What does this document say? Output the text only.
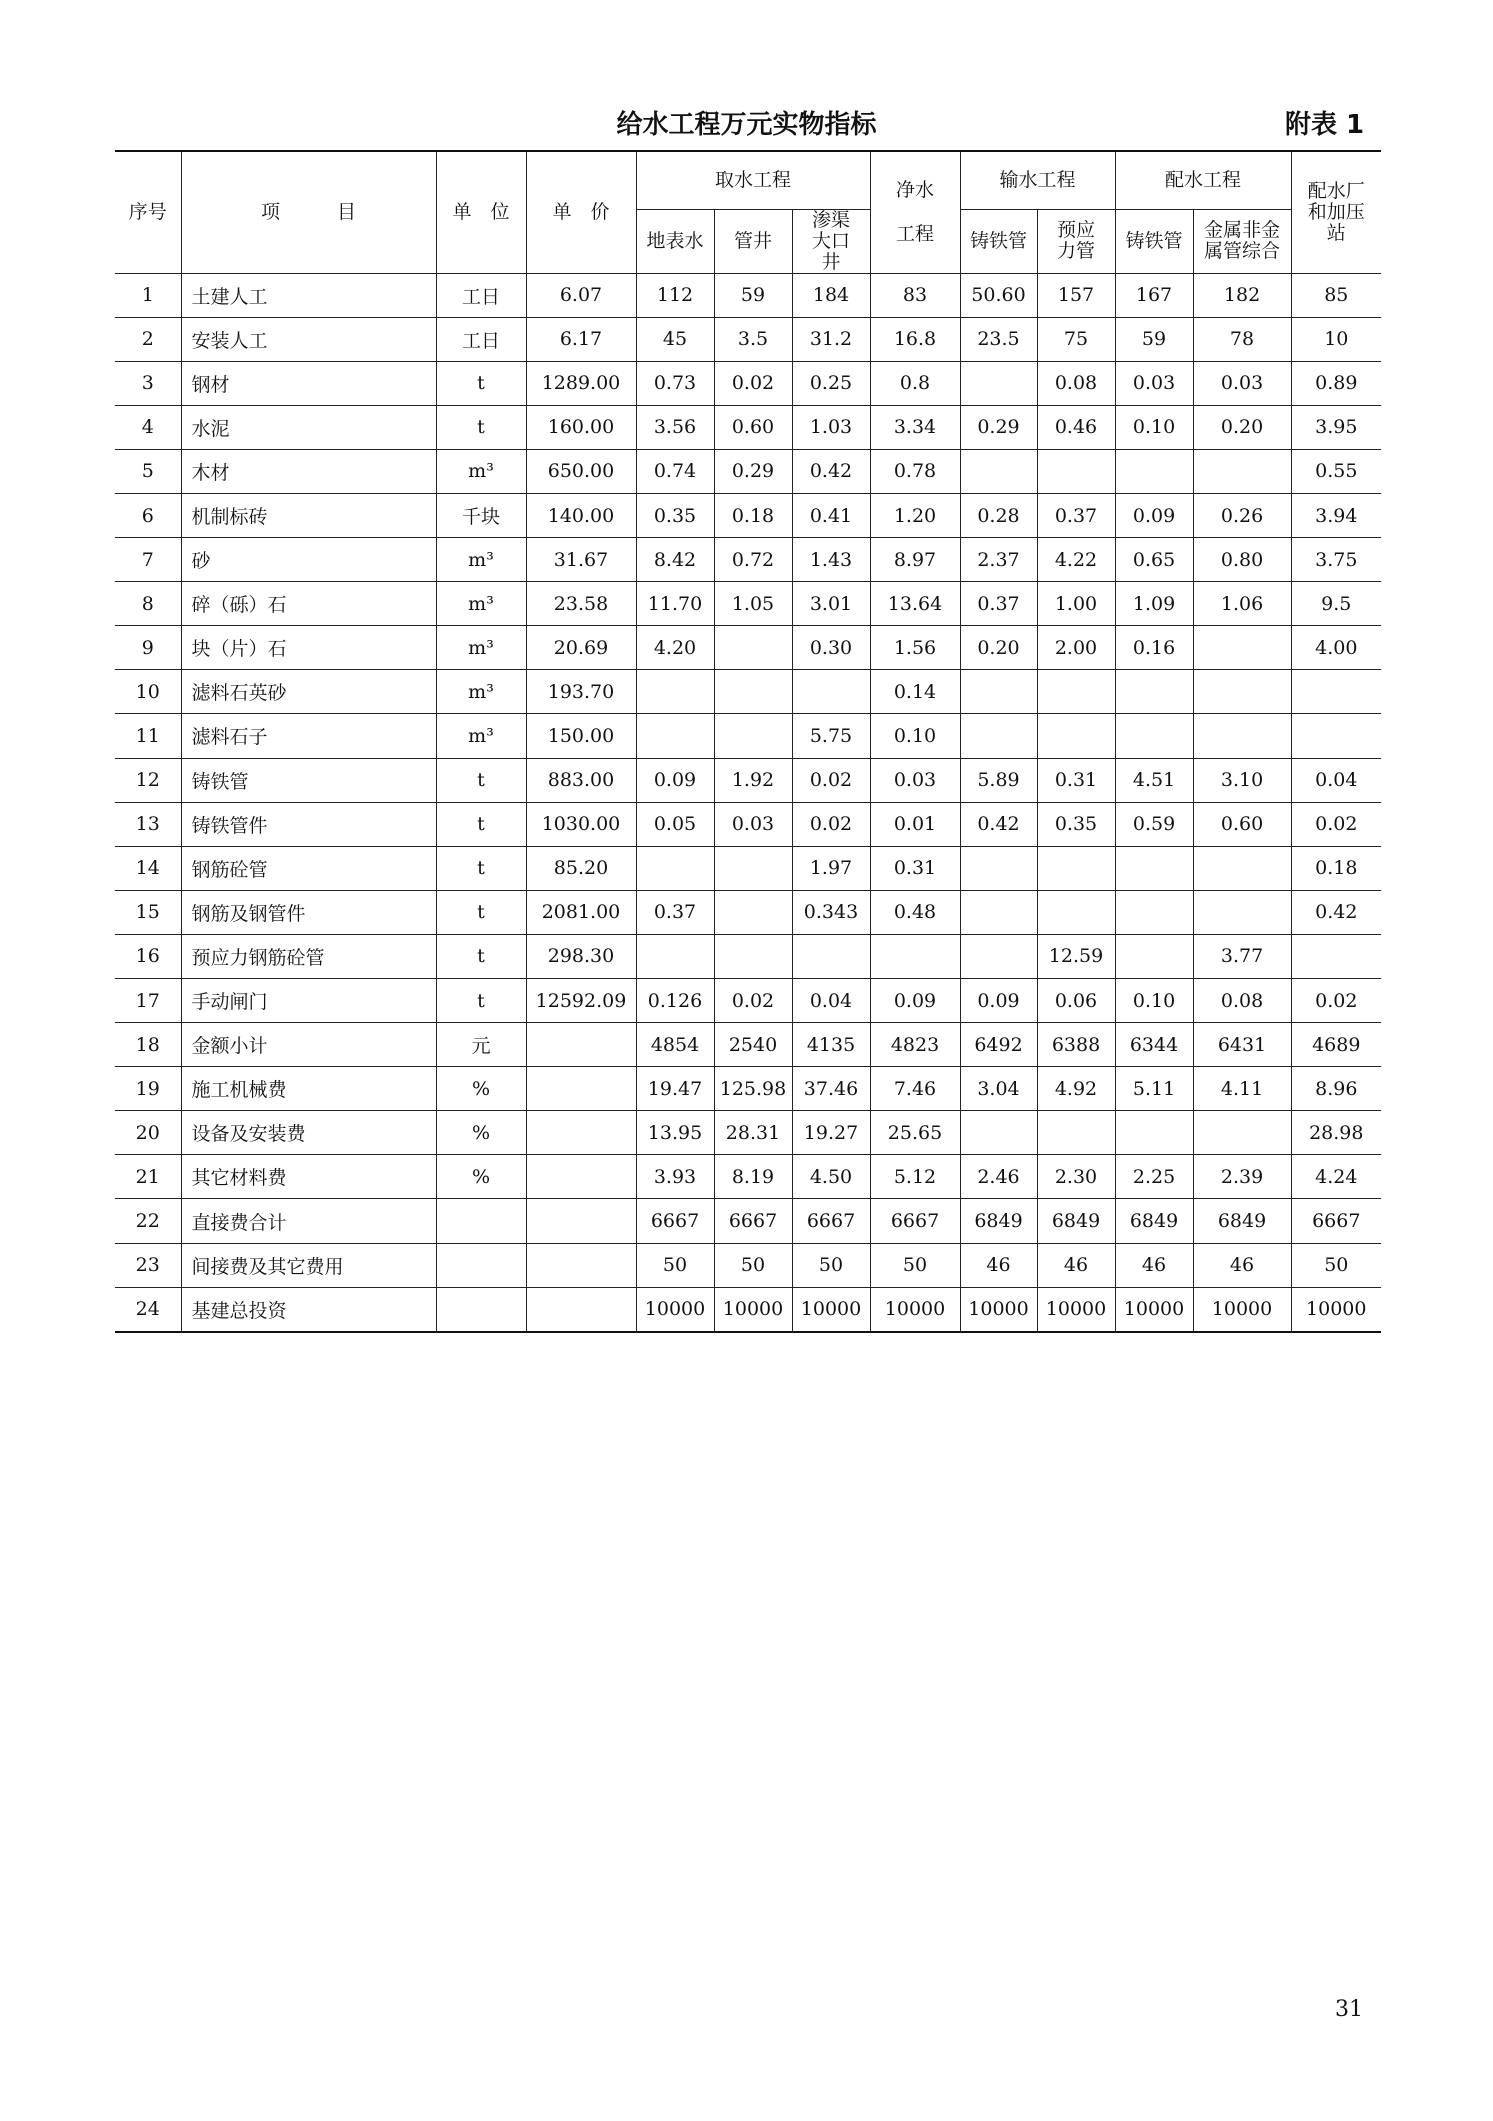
给水工程万元实物指标	附表 1
序号	项　　　目	单　位	单　价	取水工程			净水工程	输水工程		配水工程		配水厂和加压站

				地表水	管井	渗渠大口井		铸铁管	预应力管	铸铁管	金属非金属管综合	

1	土建人工	工日	6.07	112	59	184	83	50.60	157	167	182	85
2	安装人工	工日	6.17	45	3.5	31.2	16.8	23.5	75	59	78	10
3	钢材	t	1289.00	0.73	0.02	0.25	0.8		0.08	0.03	0.03	0.89
4	水泥	t	160.00	3.56	0.60	1.03	3.34	0.29	0.46	0.10	0.20	3.95
5	木材	m³	650.00	0.74	0.29	0.42	0.78					0.55
6	机制标砖	千块	140.00	0.35	0.18	0.41	1.20	0.28	0.37	0.09	0.26	3.94
7	砂	m³	31.67	8.42	0.72	1.43	8.97	2.37	4.22	0.65	0.80	3.75
8	碎（砾）石	m³	23.58	11.70	1.05	3.01	13.64	0.37	1.00	1.09	1.06	9.5
9	块（片）石	m³	20.69	4.20		0.30	1.56	0.20	2.00	0.16		4.00
10	滤料石英砂	m³	193.70				0.14					
11	滤料石子	m³	150.00			5.75	0.10					
12	铸铁管	t	883.00	0.09	1.92	0.02	0.03	5.89	0.31	4.51	3.10	0.04
13	铸铁管件	t	1030.00	0.05	0.03	0.02	0.01	0.42	0.35	0.59	0.60	0.02
14	钢筋砼管	t	85.20			1.97	0.31					0.18
15	钢筋及钢管件	t	2081.00	0.37		0.343	0.48					0.42
16	预应力钢筋砼管	t	298.30						12.59		3.77	
17	手动闸门	t	12592.09	0.126	0.02	0.04	0.09	0.09	0.06	0.10	0.08	0.02
18	金额小计	元		4854	2540	4135	4823	6492	6388	6344	6431	4689
19	施工机械费	%		19.47	125.98	37.46	7.46	3.04	4.92	5.11	4.11	8.96
20	设备及安装费	%		13.95	28.31	19.27	25.65					28.98
21	其它材料费	%		3.93	8.19	4.50	5.12	2.46	2.30	2.25	2.39	4.24
22	直接费合计			6667	6667	6667	6667	6849	6849	6849	6849	6667
23	间接费及其它费用			50	50	50	50	46	46	46	46	50
24	基建总投资			10000	10000	10000	10000	10000	10000	10000	10000	10000
31
